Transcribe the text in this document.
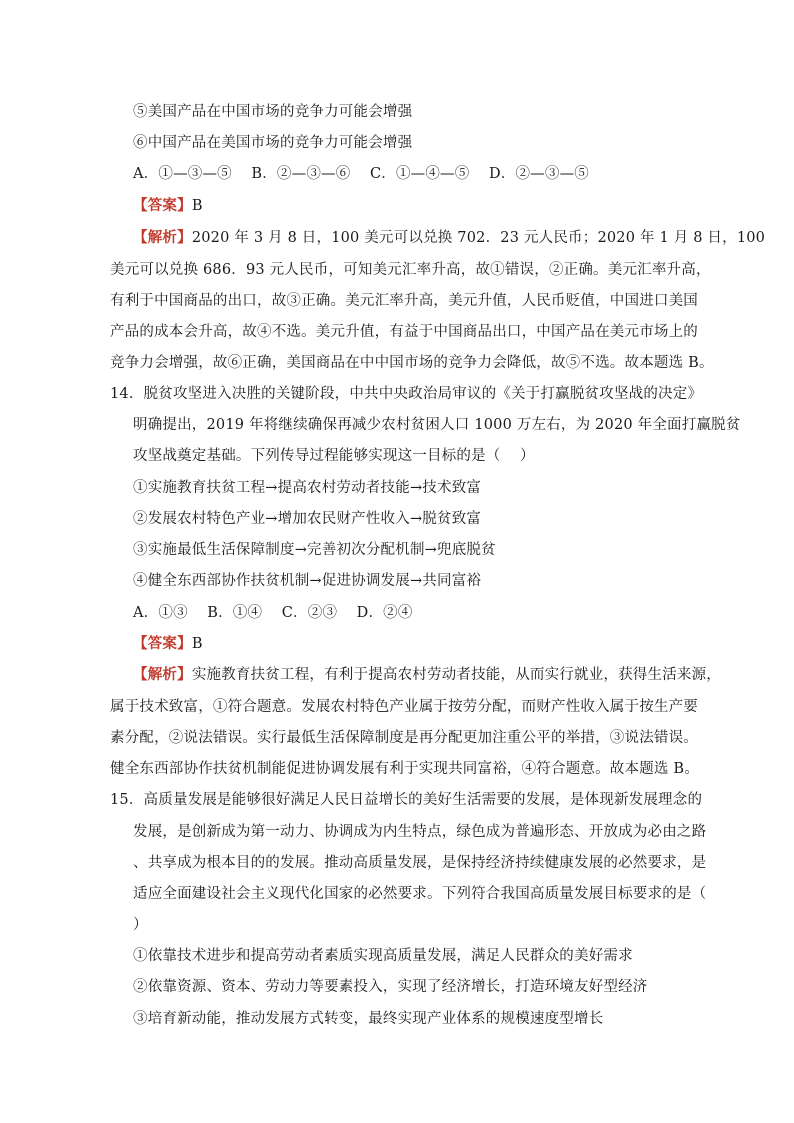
⑤美国产品在中国市场的竞争力可能会增强
⑥中国产品在美国市场的竞争力可能会增强
A．①—③—⑤　 B．②—③—⑥　 C．①—④—⑤　 D．②—③—⑤
【答案】B
【解析】2020 年 3 月 8 日，100 美元可以兑换 702．23 元人民币；2020 年 1 月 8 日，100
美元可以兑换 686．93 元人民币，可知美元汇率升高，故①错误，②正确。美元汇率升高，
有利于中国商品的出口，故③正确。美元汇率升高，美元升值，人民币贬值，中国进口美国
产品的成本会升高，故④不选。美元升值，有益于中国商品出口，中国产品在美元市场上的
竞争力会增强，故⑥正确，美国商品在中中国市场的竞争力会降低，故⑤不选。故本题选 B。
14．脱贫攻坚进入决胜的关键阶段，中共中央政治局审议的《关于打赢脱贫攻坚战的决定》
明确提出，2019 年将继续确保再减少农村贫困人口 1000 万左右，为 2020 年全面打赢脱贫
攻坚战奠定基础。下列传导过程能够实现这一目标的是（　 ）
①实施教育扶贫工程→提高农村劳动者技能→技术致富
②发展农村特色产业→增加农民财产性收入→脱贫致富
③实施最低生活保障制度→完善初次分配机制→兜底脱贫
④健全东西部协作扶贫机制→促进协调发展→共同富裕
A．①③　 B．①④　 C．②③　 D．②④
【答案】B
【解析】实施教育扶贫工程，有利于提高农村劳动者技能，从而实行就业，获得生活来源，
属于技术致富，①符合题意。发展农村特色产业属于按劳分配，而财产性收入属于按生产要
素分配，②说法错误。实行最低生活保障制度是再分配更加注重公平的举措，③说法错误。
健全东西部协作扶贫机制能促进协调发展有利于实现共同富裕，④符合题意。故本题选 B。
15．高质量发展是能够很好满足人民日益增长的美好生活需要的发展，是体现新发展理念的
发展，是创新成为第一动力、协调成为内生特点，绿色成为普遍形态、开放成为必由之路
、共享成为根本目的的发展。推动高质量发展，是保持经济持续健康发展的必然要求，是
适应全面建设社会主义现代化国家的必然要求。下列符合我国高质量发展目标要求的是（
）
①依靠技术进步和提高劳动者素质实现高质量发展，满足人民群众的美好需求
②依靠资源、资本、劳动力等要素投入，实现了经济增长，打造环境友好型经济
③培育新动能，推动发展方式转变，最终实现产业体系的规模速度型增长
